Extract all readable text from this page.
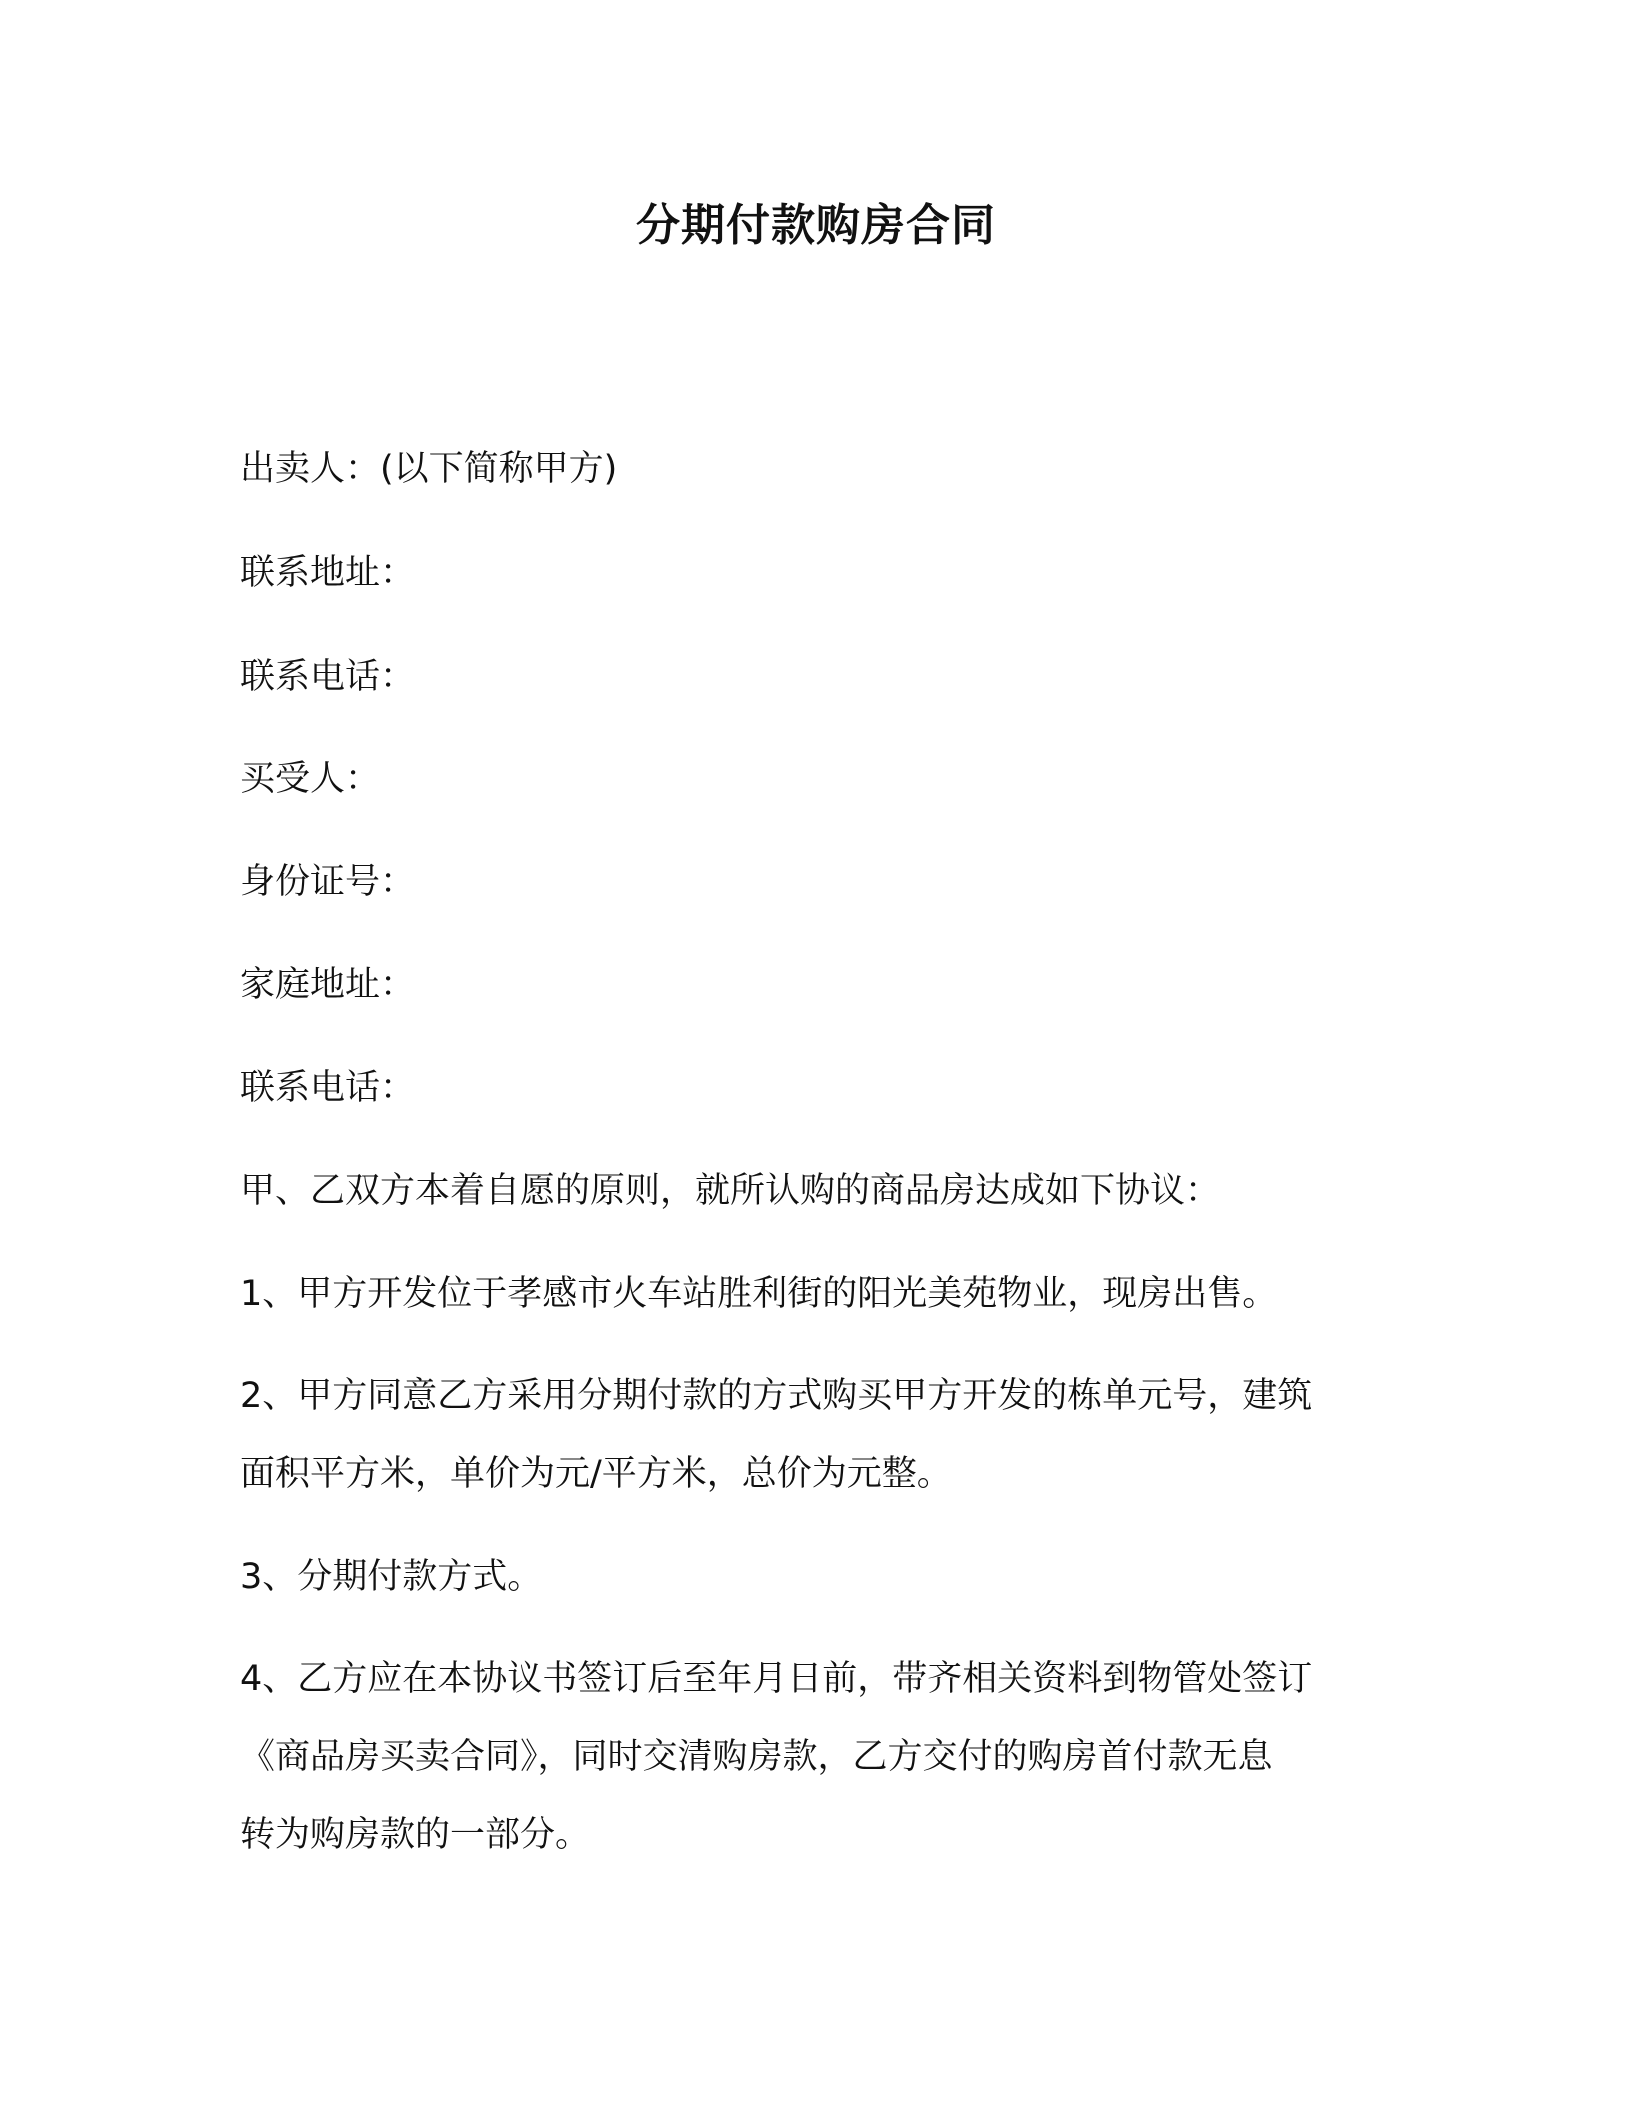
分期付款购房合同

出卖人：(以下简称甲方)

联系地址：

联系电话：

买受人：

身份证号：

家庭地址：

联系电话：

甲、乙双方本着自愿的原则，就所认购的商品房达成如下协议：

1、甲方开发位于孝感市火车站胜利街的阳光美苑物业，现房出售。

2、甲方同意乙方采用分期付款的方式购买甲方开发的栋单元号，建筑

面积平方米，单价为元/平方米，总价为元整。

3、分期付款方式。

4、乙方应在本协议书签订后至年月日前，带齐相关资料到物管处签订

《商品房买卖合同》，同时交清购房款，乙方交付的购房首付款无息

转为购房款的一部分。
